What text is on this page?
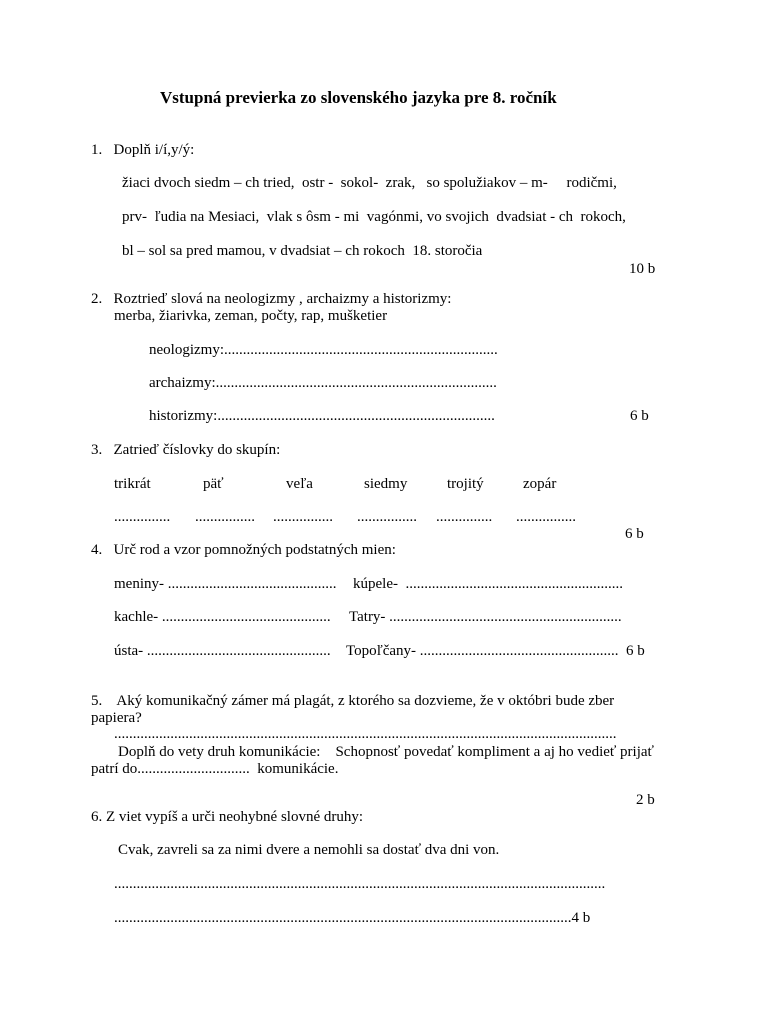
Vstupná previerka zo slovenského jazyka pre 8. ročník
1.   Doplň i/í,y/ý:
žiaci dvoch siedm – ch tried,  ostr -  sokol-  zrak,   so spolužiakov – m-     rodičmi,
prv-  ľudia na Mesiaci,  vlak s ôsm - mi  vagónmi, vo svojich  dvadsiat - ch  rokoch,
bl – sol sa pred mamou, v dvadsiat – ch rokoch  18. storočia
10 b
2.   Roztrieď slová na neologizmy , archaizmy a historizmy:
merba, žiarivka, zeman, počty, rap, mušketier
neologizmy:.........................................................................
archaizmy:...........................................................................
historizmy:..........................................................................	6 b
3.   Zatrieď číslovky do skupín:
trikrát	päť	veľa	siedmy	trojitý	zopár
............... ................ ................ ................ ............... ................
6 b
4.   Urč rod a vzor pomnožných podstatných mien:
meniny- ............................................. kúpele-  ..........................................................
kachle- ............................................. Tatry- ..............................................................
ústa- ................................................. Topoľčany- .....................................................  6 b
5.    Aký komunikačný zámer má plagát, z ktorého sa dozvieme, že v októbri bude zber
papiera?
......................................................................................................................................
Doplň do vety druh komunikácie:    Schopnosť povedať kompliment a aj ho vedieť prijať
patrí do..............................  komunikácie.
2 b
6. Z viet vypíš a urči neohybné slovné druhy:
Cvak, zavreli sa za nimi dvere a nemohli sa dostať dva dni von.
...................................................................................................................................
..........................................................................................................................4 b
